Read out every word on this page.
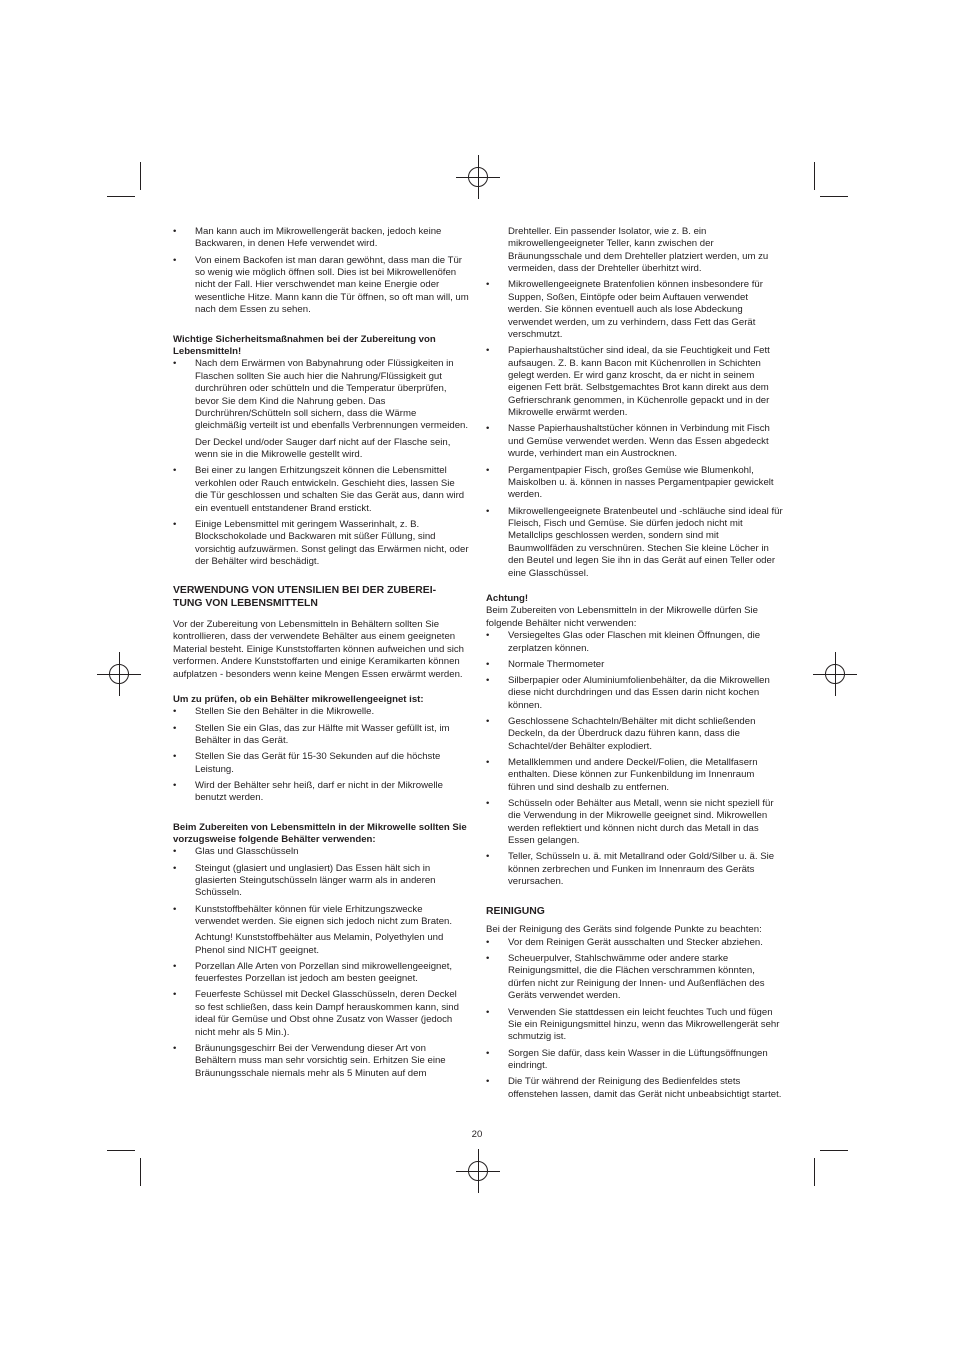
• Man kann auch im Mikrowellengerät backen, jedoch keine Backwaren, in denen Hefe verwendet wird.

• Von einem Backofen ist man daran gewöhnt, dass man die Tür so wenig wie möglich öffnen soll. Dies ist bei Mikrowellenöfen nicht der Fall. Hier verschwendet man keine Energie oder wesentliche Hitze. Mann kann die Tür öffnen, so oft man will, um nach dem Essen zu sehen.

Wichtige Sicherheitsmaßnahmen bei der Zubereitung von Lebensmitteln!

• Nach dem Erwärmen von Babynahrung oder Flüssigkeiten in Flaschen sollten Sie auch hier die Nahrung/Flüssigkeit gut durchrühren oder schütteln und die Temperatur überprüfen, bevor Sie dem Kind die Nahrung geben. Das Durchrühren/Schütteln soll sichern, dass die Wärme gleichmäßig verteilt ist und ebenfalls Verbrennungen vermeiden.

Der Deckel und/oder Sauger darf nicht auf der Flasche sein, wenn sie in die Mikrowelle gestellt wird.

• Bei einer zu langen Erhitzungszeit können die Lebensmittel verkohlen oder Rauch entwickeln. Geschieht dies, lassen Sie die Tür geschlossen und schalten Sie das Gerät aus, dann wird ein eventuell entstandener Brand erstickt.

• Einige Lebensmittel mit geringem Wasserinhalt, z. B. Blockschokolade und Backwaren mit süßer Füllung, sind vorsichtig aufzuwärmen. Sonst gelingt das Erwärmen nicht, oder der Behälter wird beschädigt.

VERWENDUNG VON UTENSILIEN BEI DER ZUBEREI-
TUNG VON LEBENSMITTELN

Vor der Zubereitung von Lebensmitteln in Behältern sollten Sie kontrollieren, dass der verwendete Behälter aus einem geeigneten Material besteht. Einige Kunststoffarten können aufweichen und sich verformen. Andere Kunststoffarten und einige Keramikarten können aufplatzen - besonders wenn keine Mengen Essen erwärmt werden.

Um zu prüfen, ob ein Behälter mikrowellengeeignet ist:

• Stellen Sie den Behälter in die Mikrowelle.

• Stellen Sie ein Glas, das zur Hälfte mit Wasser gefüllt ist, im Behälter in das Gerät.

• Stellen Sie das Gerät für 15-30 Sekunden auf die höchste Leistung.

• Wird der Behälter sehr heiß, darf er nicht in der Mikrowelle benutzt werden.

Beim Zubereiten von Lebensmitteln in der Mikrowelle sollten Sie vorzugsweise folgende Behälter verwenden:

• Glas und Glasschüsseln

• Steingut (glasiert und unglasiert) Das Essen hält sich in glasierten Steingutschüsseln länger warm als in anderen Schüsseln.

• Kunststoffbehälter können für viele Erhitzungszwecke verwendet werden. Sie eignen sich jedoch nicht zum Braten.

Achtung! Kunststoffbehälter aus Melamin, Polyethylen und Phenol sind NICHT geeignet.

• Porzellan Alle Arten von Porzellan sind mikrowellengeeignet, feuerfestes Porzellan ist jedoch am besten geeignet.

• Feuerfeste Schüssel mit Deckel Glasschüsseln, deren Deckel so fest schließen, dass kein Dampf herauskommen kann, sind ideal für Gemüse und Obst ohne Zusatz von Wasser (jedoch nicht mehr als 5 Min.).

• Bräunungsgeschirr Bei der Verwendung dieser Art von Behältern muss man sehr vorsichtig sein. Erhitzen Sie eine Bräunungsschale niemals mehr als 5 Minuten auf dem

Drehteller. Ein passender Isolator, wie z. B. ein mikrowellengeeigneter Teller, kann zwischen der Bräunungsschale und dem Drehteller platziert werden, um zu vermeiden, dass der Drehteller überhitzt wird.

• Mikrowellengeeignete Bratenfolien können insbesondere für Suppen, Soßen, Eintöpfe oder beim Auftauen verwendet werden. Sie können eventuell auch als lose Abdeckung verwendet werden, um zu verhindern, dass Fett das Gerät verschmutzt.

• Papierhaushaltstücher sind ideal, da sie Feuchtigkeit und Fett aufsaugen. Z. B. kann Bacon mit Küchenrollen in Schichten gelegt werden. Er wird ganz kroscht, da er nicht in seinem eigenen Fett brät. Selbstgemachtes Brot kann direkt aus dem Gefrierschrank genommen, in Küchenrolle gepackt und in der Mikrowelle erwärmt werden.

• Nasse Papierhaushaltstücher können in Verbindung mit Fisch und Gemüse verwendet werden. Wenn das Essen abgedeckt wurde, verhindert man ein Austrocknen.

• Pergamentpapier Fisch, großes Gemüse wie Blumenkohl, Maiskolben u. ä. können in nasses Pergamentpapier gewickelt werden.

• Mikrowellengeeignete Bratenbeutel und -schläuche sind ideal für Fleisch, Fisch und Gemüse. Sie dürfen jedoch nicht mit Metallclips geschlossen werden, sondern sind mit Baumwollfäden zu verschnüren. Stechen Sie kleine Löcher in den Beutel und legen Sie ihn in das Gerät auf einen Teller oder eine Glasschüssel.

Achtung!

Beim Zubereiten von Lebensmitteln in der Mikrowelle dürfen Sie folgende Behälter nicht verwenden:

• Versiegeltes Glas oder Flaschen mit kleinen Öffnungen, die zerplatzen können.

• Normale Thermometer

• Silberpapier oder Aluminiumfolienbehälter, da die Mikrowellen diese nicht durchdringen und das Essen darin nicht kochen können.

• Geschlossene Schachteln/Behälter mit dicht schließenden Deckeln, da der Überdruck dazu führen kann, dass die Schachtel/der Behälter explodiert.

• Metallklemmen und andere Deckel/Folien, die Metallfasern enthalten. Diese können zur Funkenbildung im Innenraum führen und sind deshalb zu entfernen.

• Schüsseln oder Behälter aus Metall, wenn sie nicht speziell für die Verwendung in der Mikrowelle geeignet sind. Mikrowellen werden reflektiert und können nicht durch das Metall in das Essen gelangen.

• Teller, Schüsseln u. ä. mit Metallrand oder Gold/Silber u. ä. Sie können zerbrechen und Funken im Innenraum des Geräts verursachen.

REINIGUNG

Bei der Reinigung des Geräts sind folgende Punkte zu beachten:

• Vor dem Reinigen Gerät ausschalten und Stecker abziehen.

• Scheuerpulver, Stahlschwämme oder andere starke Reinigungsmittel, die die Flächen verschrammen könnten, dürfen nicht zur Reinigung der Innen- und Außenflächen des Geräts verwendet werden.

• Verwenden Sie stattdessen ein leicht feuchtes Tuch und fügen Sie ein Reinigungsmittel hinzu, wenn das Mikrowellengerät sehr schmutzig ist.

• Sorgen Sie dafür, dass kein Wasser in die Lüftungsöffnungen eindringt.

• Die Tür während der Reinigung des Bedienfeldes stets offenstehen lassen, damit das Gerät nicht unbeabsichtigt startet.

20
